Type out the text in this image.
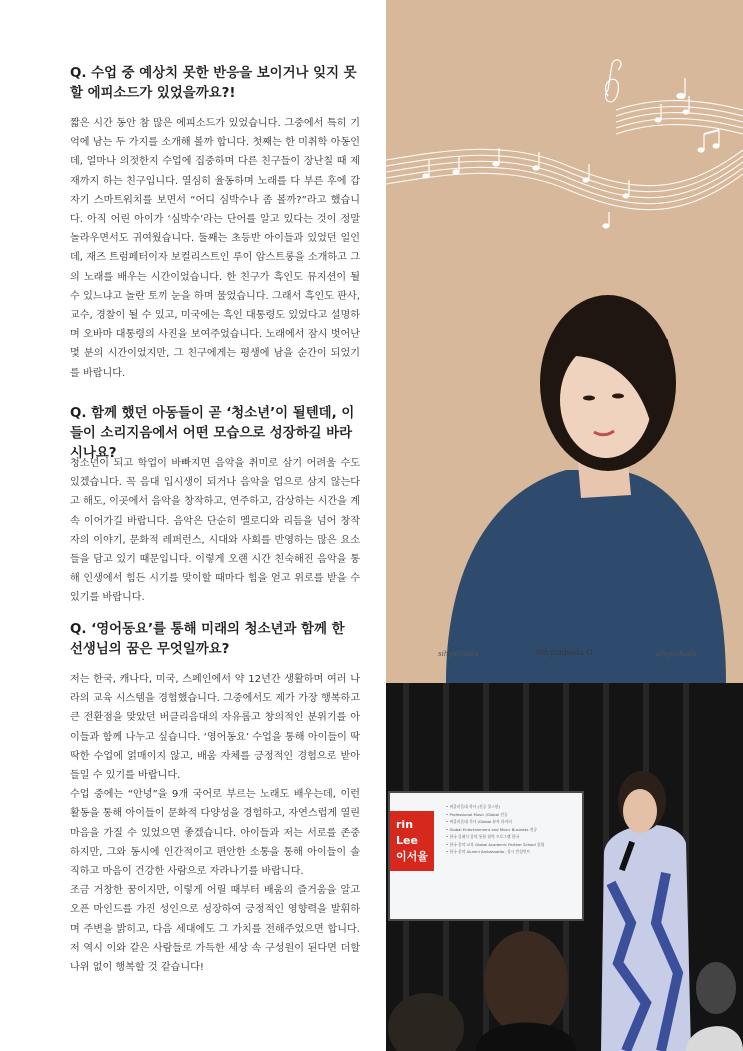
Q. 수업 중 예상치 못한 반응을 보이거나 잊지 못 할 에피소드가 있었을까요?!

짧은 시간 동안 참 많은 에피소드가 있었습니다. 그중에서 특히 기억에 남는 두 가지를 소개해 볼까 합니다. 첫째는 한 미취학 아동인데, 얼마나 의젓한지 수업에 집중하며 다른 친구들이 장난칠 때 제재까지 하는 친구입니다. 열심히 율동하며 노래를 다 부른 후에 갑자기 스마트워치를 보면서 “어디 심박수나 좀 볼까?”라고 했습니다. 아직 어린 아이가 ‘심박수’라는 단어를 알고 있다는 것이 정말 놀라우면서도 귀여웠습니다. 둘째는 초등반 아이들과 있었던 일인데, 재즈 트럼페터이자 보컬리스트인 루이 암스트롱을 소개하고 그의 노래를 배우는 시간이었습니다. 한 친구가 흑인도 뮤지션이 될 수 있느냐고 놀란 토끼 눈을 하며 물었습니다. 그래서 흑인도 판사, 교수, 경찰이 될 수 있고, 미국에는 흑인 대통령도 있었다고 설명하며 오바마 대통령의 사진을 보여주었습니다. 노래에서 잠시 벗어난 몇 분의 시간이었지만, 그 친구에게는 평생에 남을 순간이 되었기를 바랍니다.

Q. 함께 했던 아동들이 곧 ‘청소년’이 될텐데, 이들이 소리지음에서 어떤 모습으로 성장하길 바라시나요?

청소년이 되고 학업이 바빠지면 음악을 취미로 삼기 어려울 수도 있겠습니다. 꼭 음대 입시생이 되거나 음악을 업으로 삼지 않는다고 해도, 이곳에서 음악을 창작하고, 연주하고, 감상하는 시간을 계속 이어가길 바랍니다. 음악은 단순히 멜로디와 리듬을 넘어 창작자의 이야기, 문화적 레퍼런스, 시대와 사회를 반영하는 많은 요소들을 담고 있기 때문입니다. 이렇게 오랜 시간 친숙해진 음악을 통해 인생에서 힘든 시기를 맞이할 때마다 힘을 얻고 위로를 받을 수 있기를 바랍니다.

Q. ‘영어동요’를 통해 미래의 청소년과 함께 한 선생님의 꿈은 무엇일까요?

저는 한국, 캐나다, 미국, 스페인에서 약 12년간 생활하며 여러 나라의 교육 시스템을 경험했습니다. 그중에서도 제가 가장 행복하고 큰 전환점을 맞았던 버클리음대의 자유롭고 창의적인 분위기를 아이들과 함께 나누고 싶습니다. ‘영어동요’ 수업을 통해 아이들이 딱딱한 수업에 얽매이지 않고, 배움 자체를 긍정적인 경험으로 받아들일 수 있기를 바랍니다.

수업 중에는 “안녕”을 9개 국어로 부르는 노래도 배우는데, 이런 활동을 통해 아이들이 문화적 다양성을 경험하고, 자연스럽게 열린 마음을 가질 수 있었으면 좋겠습니다. 아이들과 저는 서로를 존중하지만, 그와 동시에 인간적이고 편안한 소통을 통해 아이들이 솔직하고 마음이 건강한 사람으로 자라나기를 바랍니다.

조금 거창한 꿈이지만, 이렇게 어릴 때부터 배움의 즐거움을 알고 오픈 마인드를 가진 성인으로 성장하여 긍정적인 영향력을 발휘하며 주변을 밝히고, 다음 세대에도 그 가치를 전해주었으면 합니다. 저 역시 이와 같은 사람들로 가득한 세상 속 구성원이 된다면 더할 나위 없이 행복할 것 같습니다!

sihyunhada	Sihyunhada G	sihyunhada
rin Lee
이서율
• 버클리음대 학사 (전공 불스한)
• Professional Music (Global 전공
• 버클리음대 석사 (Global 뮤직 라이터
• Global Entertainment and Music Business 전공
• 한국 클래식 음악 통합 협력 프로그램 한국
• 한국 음악 교육 Global Academic Partner School 설립
• 한국 음악 Alumni Ambassador, 상시 컨설턴트
